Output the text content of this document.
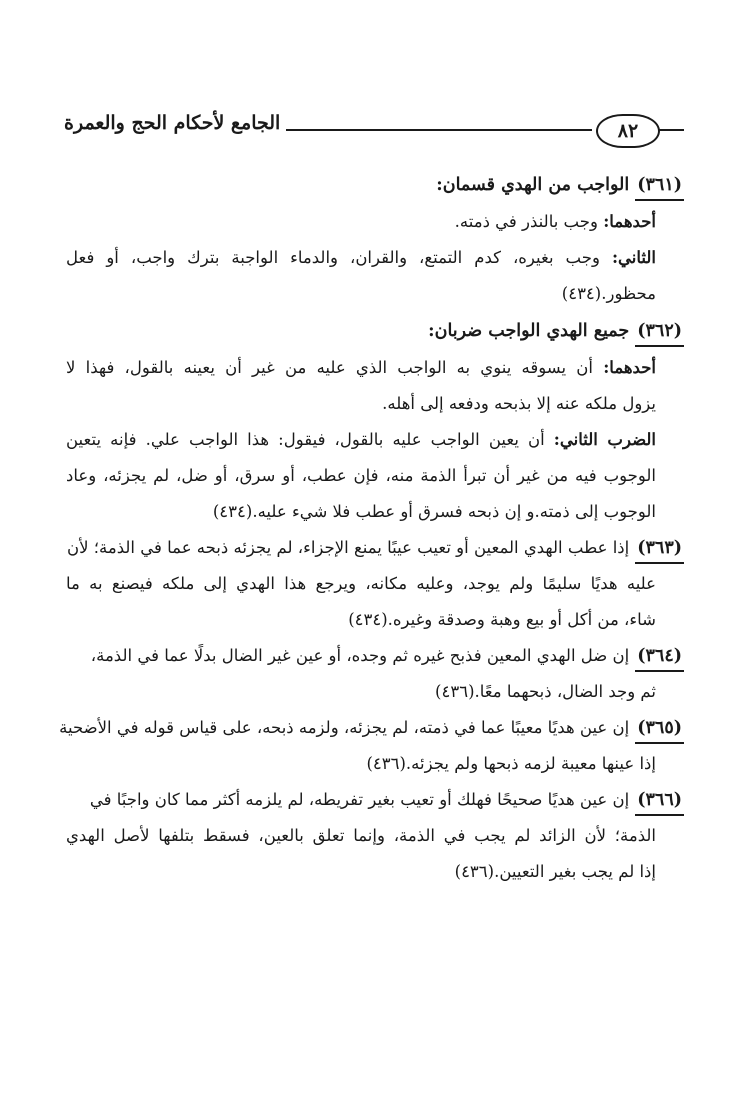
٨٢
الجامع لأحكام الحج والعمرة
(٣٦١)
الواجب من الهدي قسمان:
أحدهما: وجب بالنذر في ذمته.
الثاني: وجب بغيره، كدم التمتع، والقران، والدماء الواجبة بترك واجب، أو فعل
محظور.(٤٣٤)
(٣٦٢)
جميع الهدي الواجب ضربان:
أحدهما: أن يسوقه ينوي به الواجب الذي عليه من غير أن يعينه بالقول، فهذا لا
يزول ملكه عنه إلا بذبحه ودفعه إلى أهله.
الضرب الثاني: أن يعين الواجب عليه بالقول، فيقول: هذا الواجب علي. فإنه يتعين
الوجوب فيه من غير أن تبرأ الذمة منه، فإن عطب، أو سرق، أو ضل، لم يجزئه، وعاد
الوجوب إلى ذمته.و إن ذبحه فسرق أو عطب فلا شيء عليه.(٤٣٤)
(٣٦٣)
إذا عطب الهدي المعين أو تعيب عيبًا يمنع الإجزاء، لم يجزئه ذبحه عما في الذمة؛ لأن
عليه هديًا سليمًا ولم يوجد، وعليه مكانه، ويرجع هذا الهدي إلى ملكه فيصنع به ما
شاء، من أكل أو بيع وهبة وصدقة وغيره.(٤٣٤)
(٣٦٤)
إن ضل الهدي المعين فذبح غيره ثم وجده، أو عين غير الضال بدلًا عما في الذمة،
ثم وجد الضال، ذبحهما معًا.(٤٣٦)
(٣٦٥)
إن عين هديًا معيبًا عما في ذمته، لم يجزئه، ولزمه ذبحه، على قياس قوله في الأضحية
إذا عينها معيبة لزمه ذبحها ولم يجزئه.(٤٣٦)
(٣٦٦)
إن عين هديًا صحيحًا فهلك أو تعيب بغير تفريطه، لم يلزمه أكثر مما كان واجبًا في
الذمة؛ لأن الزائد لم يجب في الذمة، وإنما تعلق بالعين، فسقط بتلفها لأصل الهدي
إذا لم يجب بغير التعيين.(٤٣٦)
